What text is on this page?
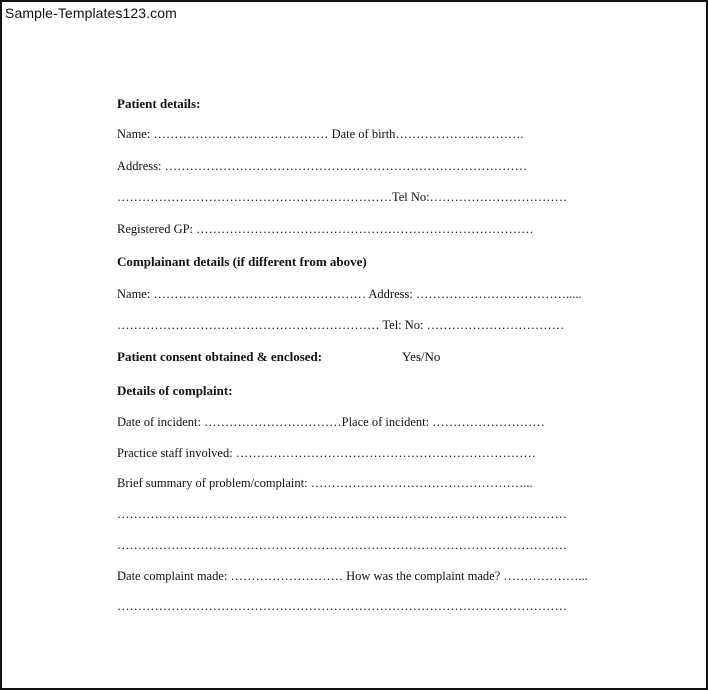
Sample-Templates123.com
Patient details:
Name: …………………………………… Date of birth………………………….
Address: ……………………………………………………………………………
…………………………………………………………Tel No:……………………………
Registered GP: ………………………………………………………………………
Complainant details (if different from above)
Name: …………………………………………… Address: ……………………………….....
……………………………………………………… Tel: No: ……………………………
Patient consent obtained & enclosed:	Yes/No
Details of complaint:
Date of incident: ……………………………Place of incident: ………………………
Practice staff involved: ………………………………………………………………
Brief summary of problem/complaint: ……………………………………………...
………………………………………………………………………………………………
………………………………………………………………………………………………
Date complaint made: ……………………… How was the complaint made? ………………...
………………………………………………………………………………………………
